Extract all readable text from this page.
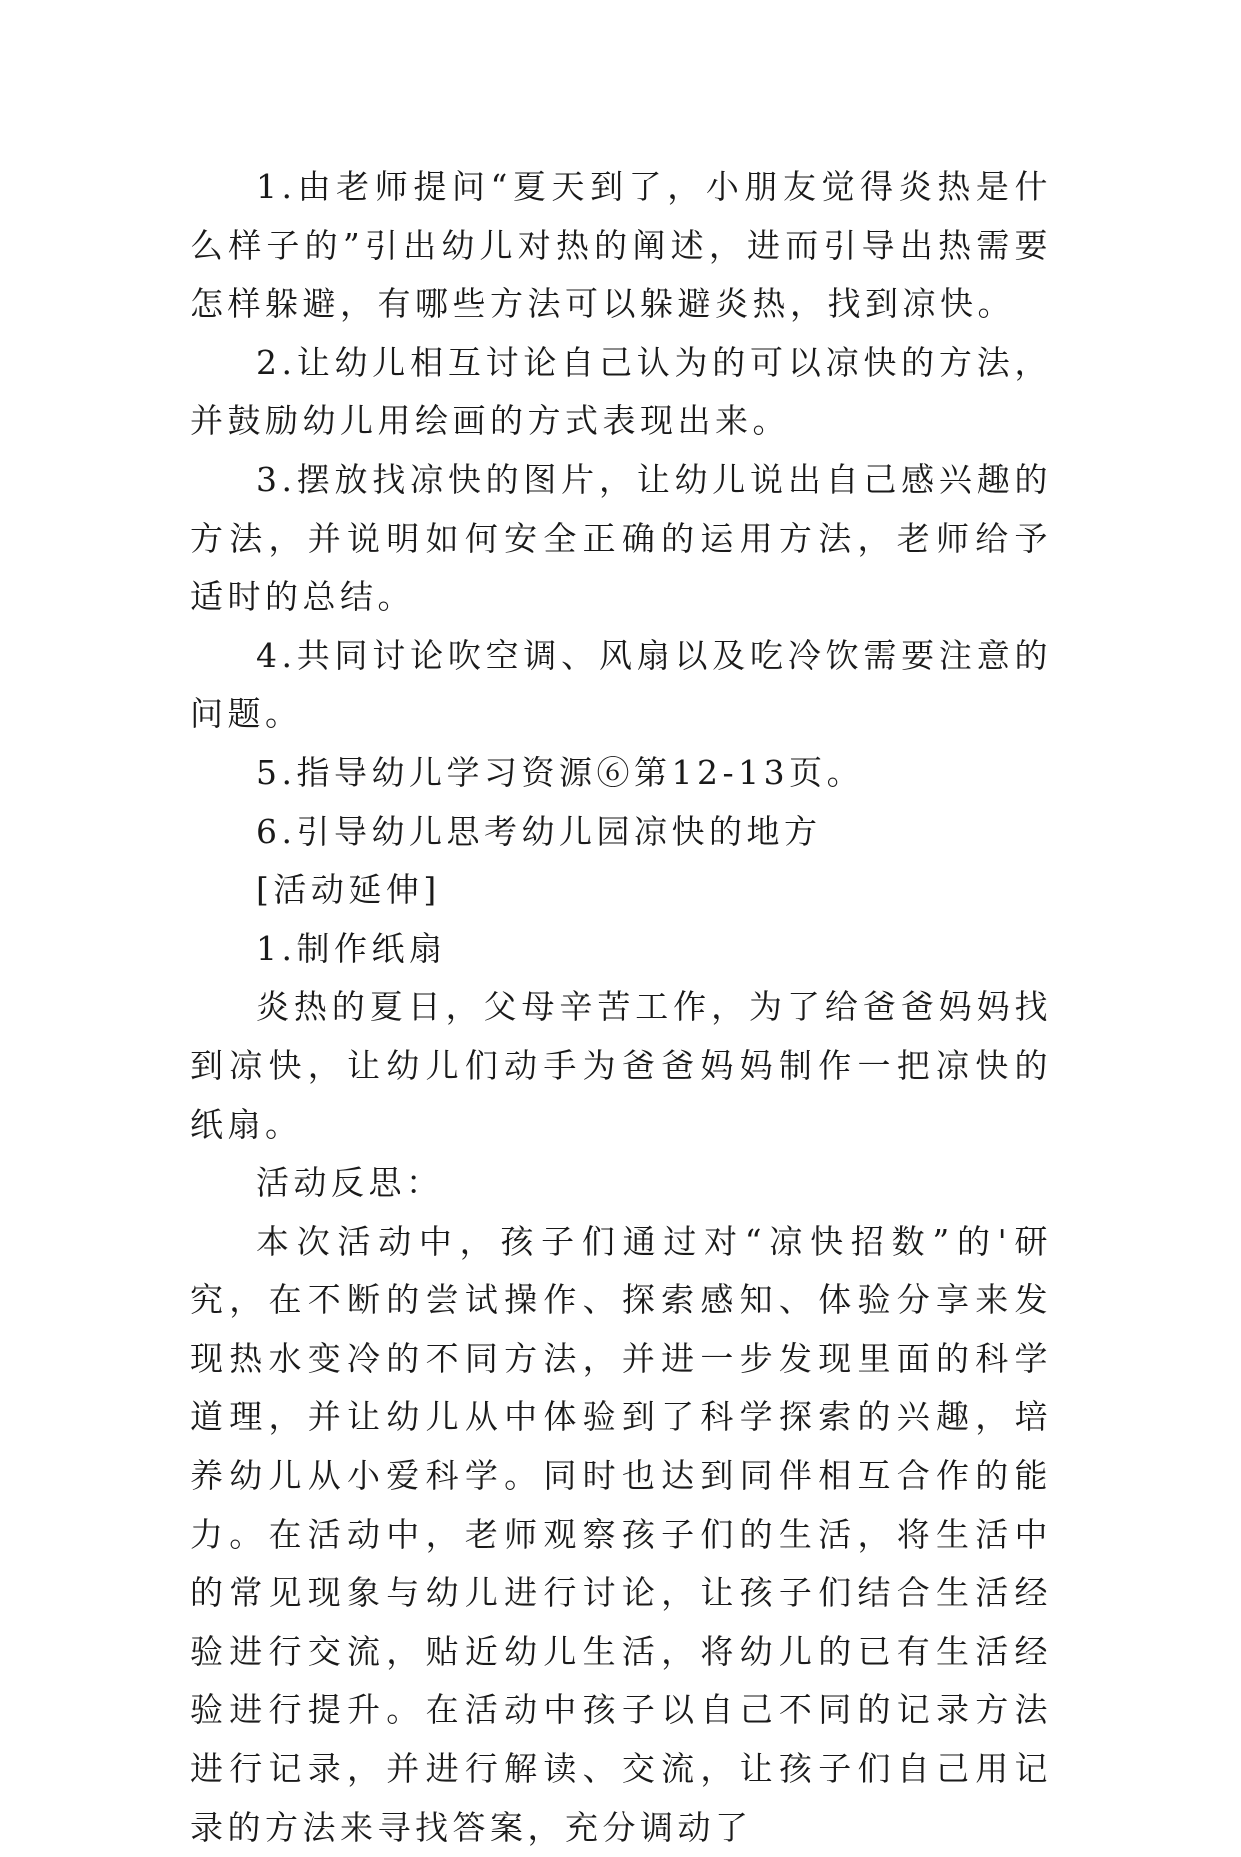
1.由老师提问“夏天到了，小朋友觉得炎热是什么样子的”引出幼儿对热的阐述，进而引导出热需要怎样躲避，有哪些方法可以躲避炎热，找到凉快。

2.让幼儿相互讨论自己认为的可以凉快的方法，并鼓励幼儿用绘画的方式表现出来。

3.摆放找凉快的图片，让幼儿说出自己感兴趣的方法，并说明如何安全正确的运用方法，老师给予适时的总结。

4.共同讨论吹空调、风扇以及吃冷饮需要注意的问题。

5.指导幼儿学习资源⑥第12-13页。

6.引导幼儿思考幼儿园凉快的地方

[活动延伸]

1.制作纸扇

炎热的夏日，父母辛苦工作，为了给爸爸妈妈找到凉快，让幼儿们动手为爸爸妈妈制作一把凉快的纸扇。

活动反思：

本次活动中，孩子们通过对“凉快招数”的'研究，在不断的尝试操作、探索感知、体验分享来发现热水变冷的不同方法，并进一步发现里面的科学道理，并让幼儿从中体验到了科学探索的兴趣，培养幼儿从小爱科学。同时也达到同伴相互合作的能力。在活动中，老师观察孩子们的生活，将生活中的常见现象与幼儿进行讨论，让孩子们结合生活经验进行交流，贴近幼儿生活，将幼儿的已有生活经验进行提升。在活动中孩子以自己不同的记录方法进行记录，并进行解读、交流，让孩子们自己用记录的方法来寻找答案，充分调动了
